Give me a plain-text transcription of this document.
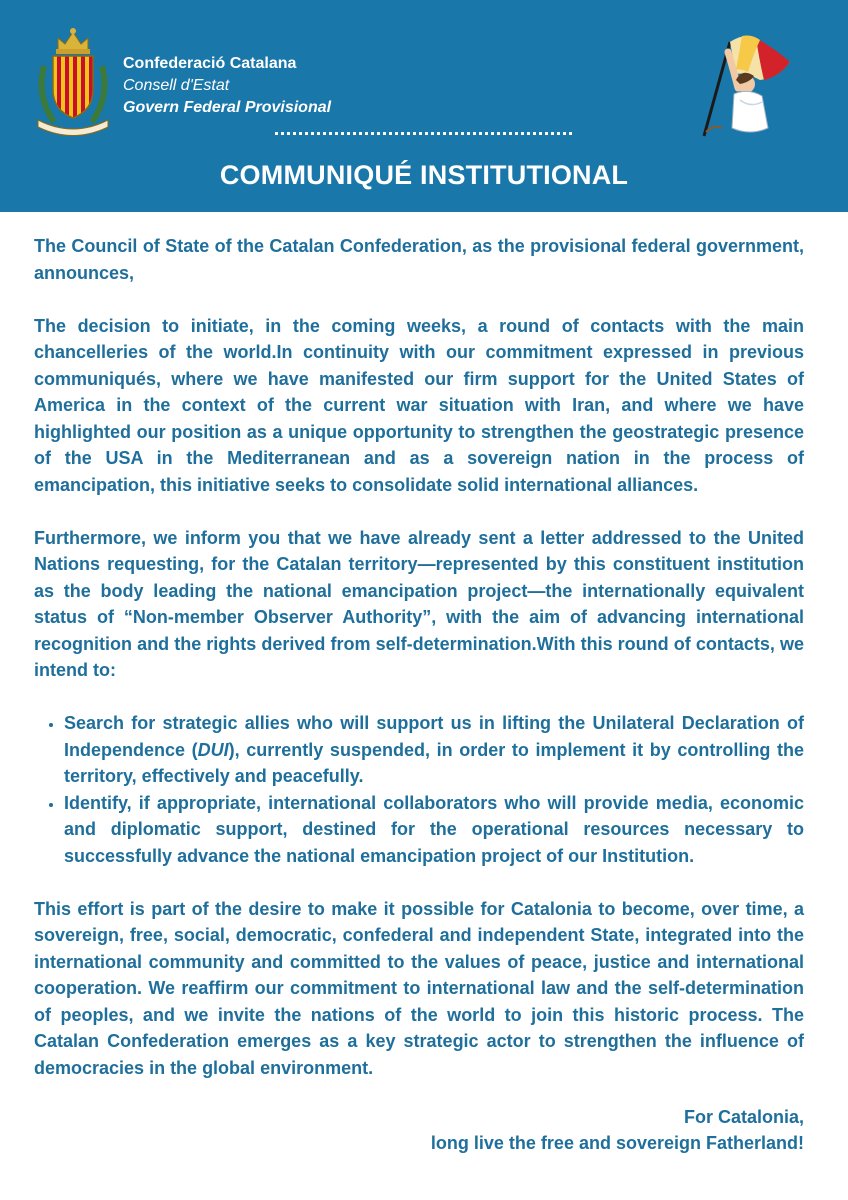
Confederació Catalana
Consell d'Estat
Govern Federal Provisional
COMMUNIQUÉ INSTITUTIONAL

The Council of State of the Catalan Confederation, as the provisional federal government, announces,

The decision to initiate, in the coming weeks, a round of contacts with the main chancelleries of the world.In continuity with our commitment expressed in previous communiqués, where we have manifested our firm support for the United States of America in the context of the current war situation with Iran, and where we have highlighted our position as a unique opportunity to strengthen the geostrategic presence of the USA in the Mediterranean and as a sovereign nation in the process of emancipation, this initiative seeks to consolidate solid international alliances.

Furthermore, we inform you that we have already sent a letter addressed to the United Nations requesting, for the Catalan territory—represented by this constituent institution as the body leading the national emancipation project—the internationally equivalent status of “Non-member Observer Authority”, with the aim of advancing international recognition and the rights derived from self-determination.With this round of contacts, we intend to:

• Search for strategic allies who will support us in lifting the Unilateral Declaration of Independence (DUI), currently suspended, in order to implement it by controlling the territory, effectively and peacefully.
• Identify, if appropriate, international collaborators who will provide media, economic and diplomatic support, destined for the operational resources necessary to successfully advance the national emancipation project of our Institution.

This effort is part of the desire to make it possible for Catalonia to become, over time, a sovereign, free, social, democratic, confederal and independent State, integrated into the international community and committed to the values of peace, justice and international cooperation. We reaffirm our commitment to international law and the self-determination of peoples, and we invite the nations of the world to join this historic process. The Catalan Confederation emerges as a key strategic actor to strengthen the influence of democracies in the global environment.

For Catalonia,
long live the free and sovereign Fatherland!
